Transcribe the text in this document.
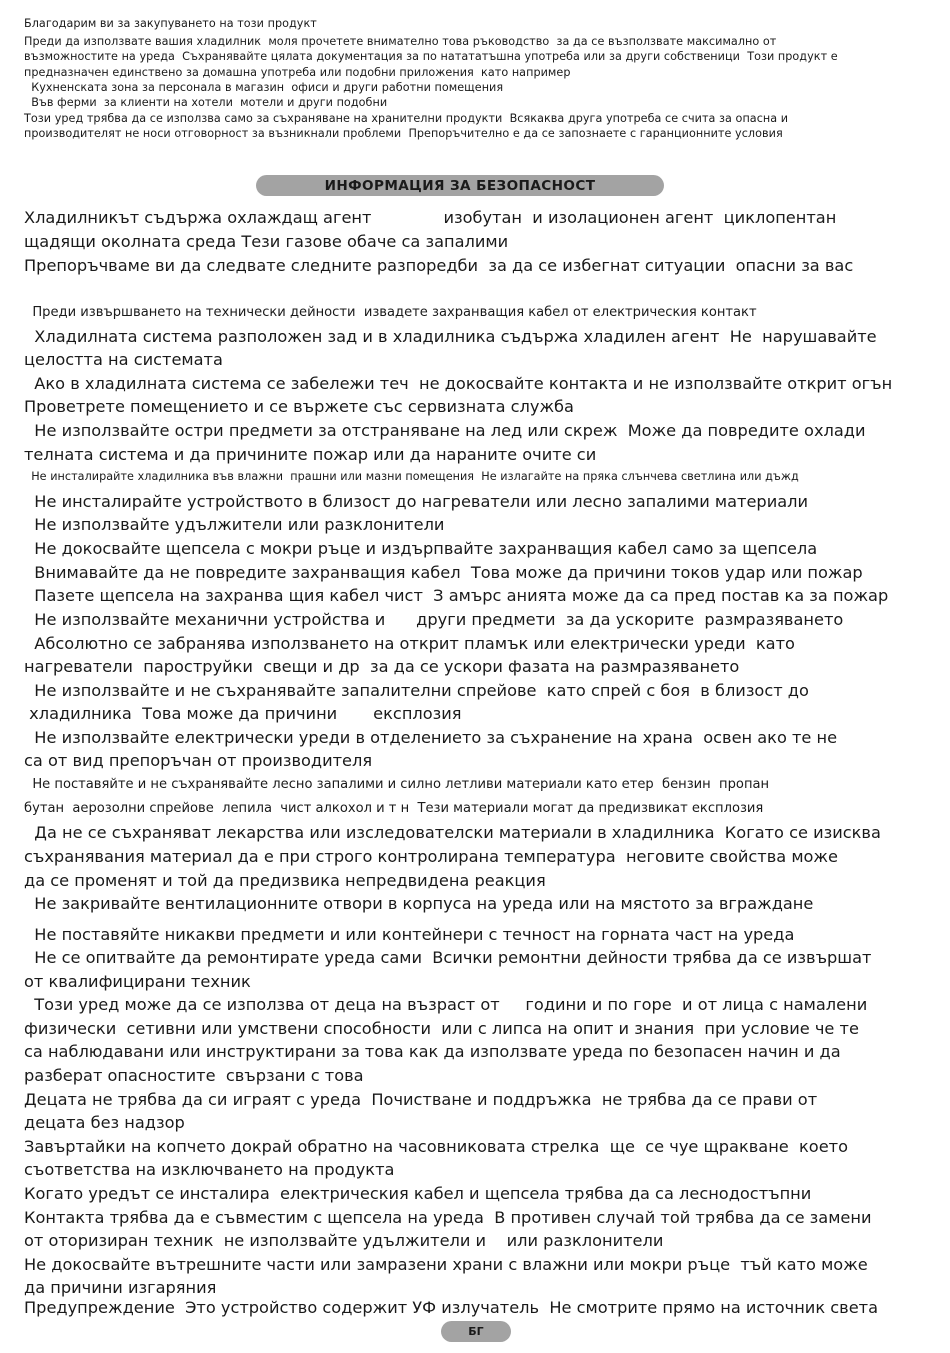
Благодарим ви за закупуването на този продукт
Преди да използвате вашия хладилник  моля прочетете внимателно това ръководство  за да се възползвате максимално от
възможностите на уреда  Съхранявайте цялата документация за по натататъшна употреба или за други собственици  Този продукт е
предназначен единствено за домашна употреба или подобни приложения  като например
Кухненската зона за персонала в магазин  офиси и други работни помещения
Във ферми  за клиенти на хотели  мотели и други подобни
Този уред трябва да се използва само за съхраняване на хранителни продукти  Всякаква друга употреба се счита за опасна и
производителят не носи отговорност за възникнали проблеми  Препоръчително е да се запознаете с гаранционните условия
ИНФОРМАЦИЯ ЗА БЕЗОПАСНОСТ
Хладилникът съдържа охлаждащ агент              изобутан  и изолационен агент  циклопентан
щадящи околната среда Тези газове обаче са запалими
Препоръчваме ви да следвате следните разпоредби  за да се избегнат ситуации  опасни за вас
Преди извършването на технически дейности  извадете захранващия кабел от електрическия контакт
Хладилната система разположен зад и в хладилника съдържа хладилен агент  Не  нарушавайте
целостта на системата
Ако в хладилната система се забележи теч  не докосвайте контакта и не използвайте открит огън
Проветрете помещението и се вържете със сервизната служба
Не използвайте остри предмети за отстраняване на лед или скреж  Може да повредите охлади
телната система и да причините пожар или да нараните очите си
Не инсталирайте хладилника във влажни  прашни или мазни помещения  Не излагайте на пряка слънчева светлина или дъжд
Не инсталирайте устройството в близост до нагреватели или лесно запалими материали
Не използвайте удължители или разклонители
Не докосвайте щепсела с мокри ръце и издърпвайте захранващия кабел само за щепсела
Внимавайте да не повредите захранващия кабел  Това може да причини токов удар или пожар
Пазете щепсела на захранва щия кабел чист  З амърс анията може да са пред постав ка за пожар
Не използвайте механични устройства и      други предмети  за да ускорите  размразяването
Абсолютно се забранява използването на открит пламък или електрически уреди  като
нагреватели  пароструйки  свещи и др  за да се ускори фазата на размразяването
Не използвайте и не съхранявайте запалителни спрейове  като спрей с боя  в близост до
хладилника  Това може да причини       експлозия
Не използвайте електрически уреди в отделението за съхранение на храна  освен ако те не
са от вид препоръчан от производителя
Не поставяйте и не съхранявайте лесно запалими и силно летливи материали като етер  бензин  пропан
бутан  аерозолни спрейове  лепила  чист алкохол и т н  Тези материали могат да предизвикат експлозия
Да не се съхраняват лекарства или изследователски материали в хладилника  Когато се изисква
съхранявания материал да е при строго контролирана температура  неговите свойства може
да се променят и той да предизвика непредвидена реакция
Не закривайте вентилационните отвори в корпуса на уреда или на мястото за вграждане
Не поставяйте никакви предмети и или контейнери с течност на горната част на уреда
Не се опитвайте да ремонтирате уреда сами  Всички ремонтни дейности трябва да се извършат
от квалифицирани техник
Този уред може да се използва от деца на възраст от     години и по горе  и от лица с намалени
физически  сетивни или умствени способности  или с липса на опит и знания  при условие че те
са наблюдавани или инструктирани за това как да използвате уреда по безопасен начин и да
разберат опасностите  свързани с това
Децата не трябва да си играят с уреда  Почистване и поддръжка  не трябва да се прави от
децата без надзор
Завъртайки на копчето докрай обратно на часовниковата стрелка  ще  се чуе щракване  което
съответства на изключването на продукта
Когато уредът се инсталира  електрическия кабел и щепсела трябва да са леснодостъпни
Контакта трябва да е съвместим с щепсела на уреда  В противен случай той трябва да се замени
от оторизиран техник  не използвайте удължители и    или разклонители
Не докосвайте вътрешните части или замразени храни с влажни или мокри ръце  тъй като може
да причини изгаряния
Предупреждение  Это устройство содержит УФ излучатель  Не смотрите прямо на источник света
БГ
